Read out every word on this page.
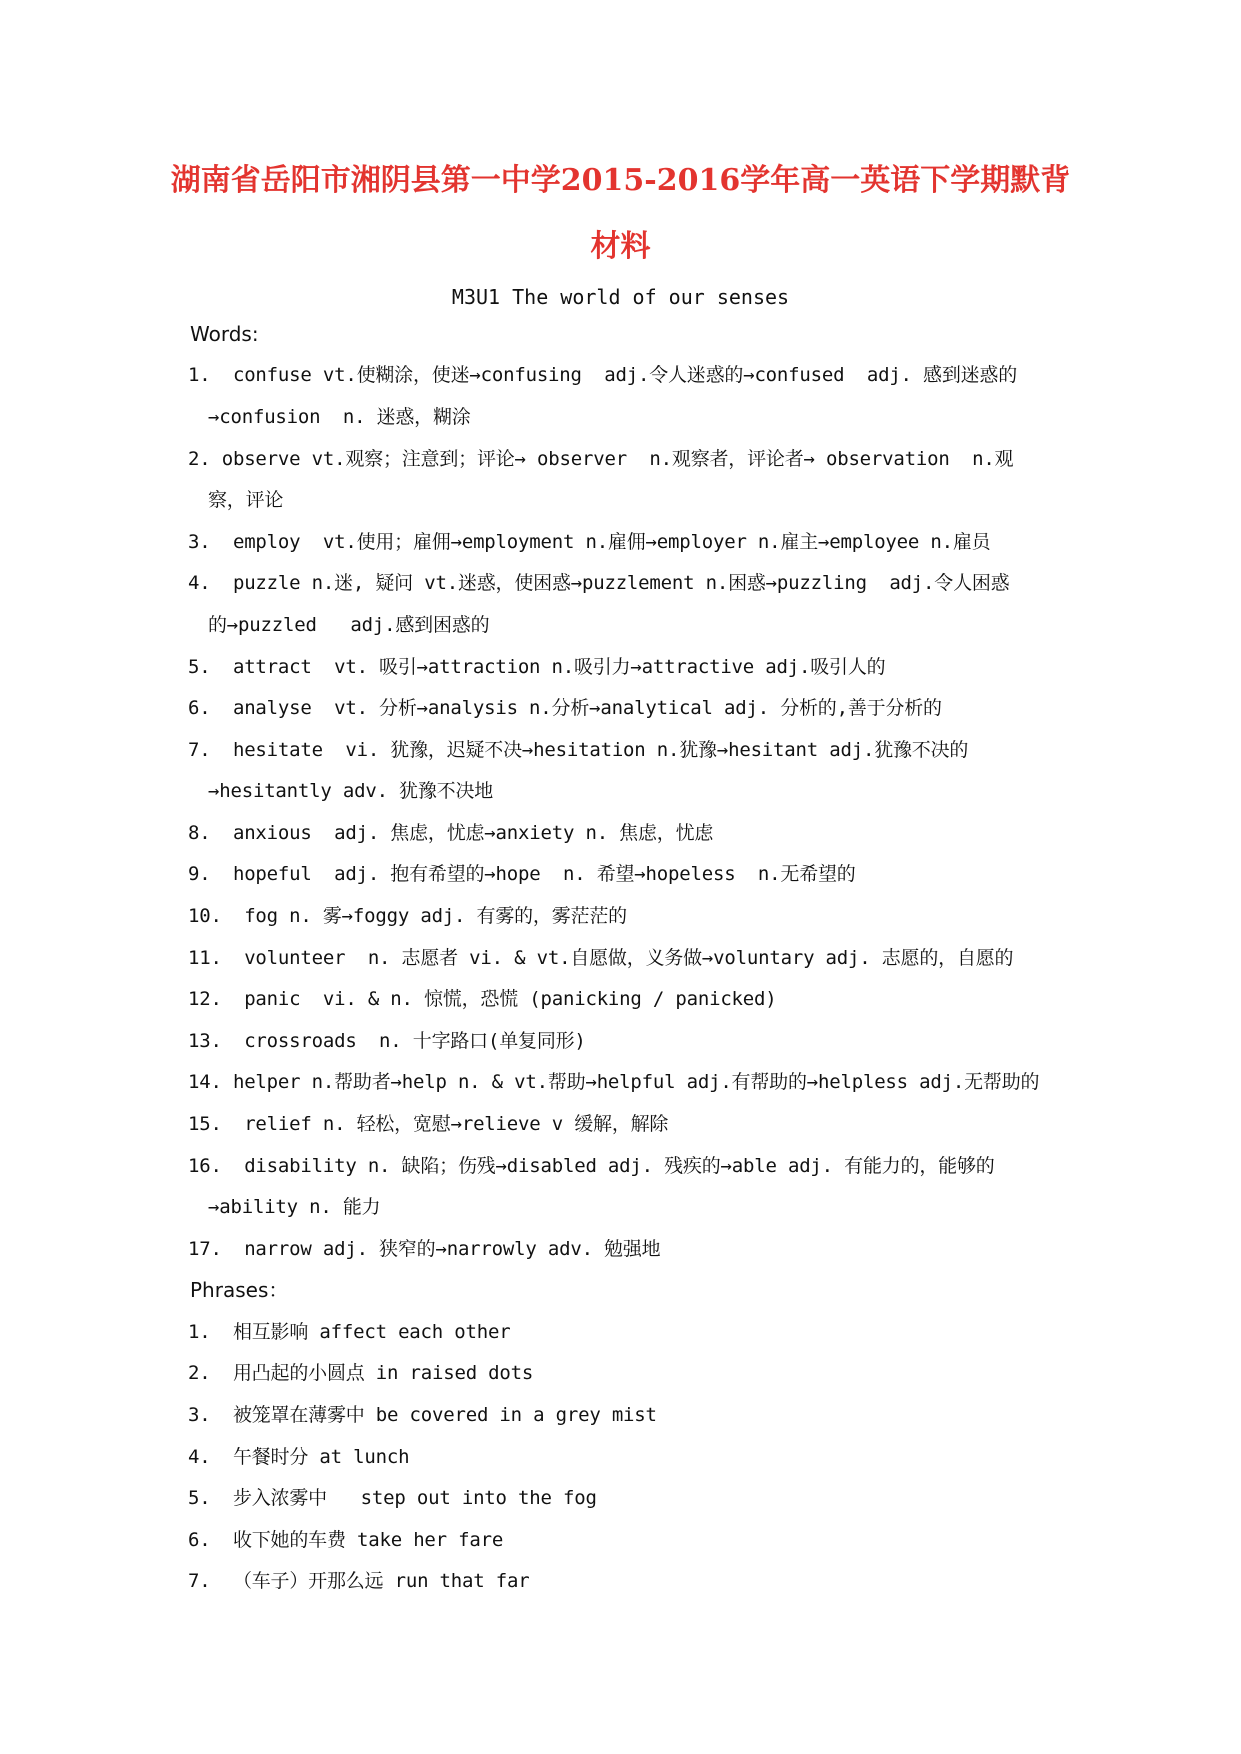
湖南省岳阳市湘阴县第一中学2015-2016学年高一英语下学期默背
材料
M3U1 The world of our senses
Words:
1.  confuse vt.使糊涂，使迷→confusing  adj.令人迷惑的→confused  adj. 感到迷惑的
→confusion  n. 迷惑，糊涂
2. observe vt.观察；注意到；评论→ observer  n.观察者，评论者→ observation  n.观
察，评论
3.  employ  vt.使用；雇佣→employment n.雇佣→employer n.雇主→employee n.雇员
4.  puzzle n.迷, 疑问 vt.迷惑，使困惑→puzzlement n.困惑→puzzling  adj.令人困惑
的→puzzled   adj.感到困惑的
5.  attract  vt. 吸引→attraction n.吸引力→attractive adj.吸引人的
6.  analyse  vt. 分析→analysis n.分析→analytical adj. 分析的,善于分析的
7.  hesitate  vi. 犹豫，迟疑不决→hesitation n.犹豫→hesitant adj.犹豫不决的
→hesitantly adv. 犹豫不决地
8.  anxious  adj. 焦虑，忧虑→anxiety n. 焦虑，忧虑
9.  hopeful  adj. 抱有希望的→hope  n. 希望→hopeless  n.无希望的
10.  fog n. 雾→foggy adj. 有雾的，雾茫茫的
11.  volunteer  n. 志愿者 vi. & vt.自愿做，义务做→voluntary adj. 志愿的，自愿的
12.  panic  vi. & n. 惊慌，恐慌 (panicking / panicked)
13.  crossroads  n. 十字路口(单复同形)
14. helper n.帮助者→help n. & vt.帮助→helpful adj.有帮助的→helpless adj.无帮助的
15.  relief n. 轻松，宽慰→relieve v 缓解，解除
16.  disability n. 缺陷；伤残→disabled adj. 残疾的→able adj. 有能力的，能够的
→ability n. 能力
17.  narrow adj. 狭窄的→narrowly adv. 勉强地
Phrases：
1.  相互影响 affect each other
2.  用凸起的小圆点 in raised dots
3.  被笼罩在薄雾中 be covered in a grey mist
4.  午餐时分 at lunch
5.  步入浓雾中   step out into the fog
6.  收下她的车费 take her fare
7.  （车子）开那么远 run that far
